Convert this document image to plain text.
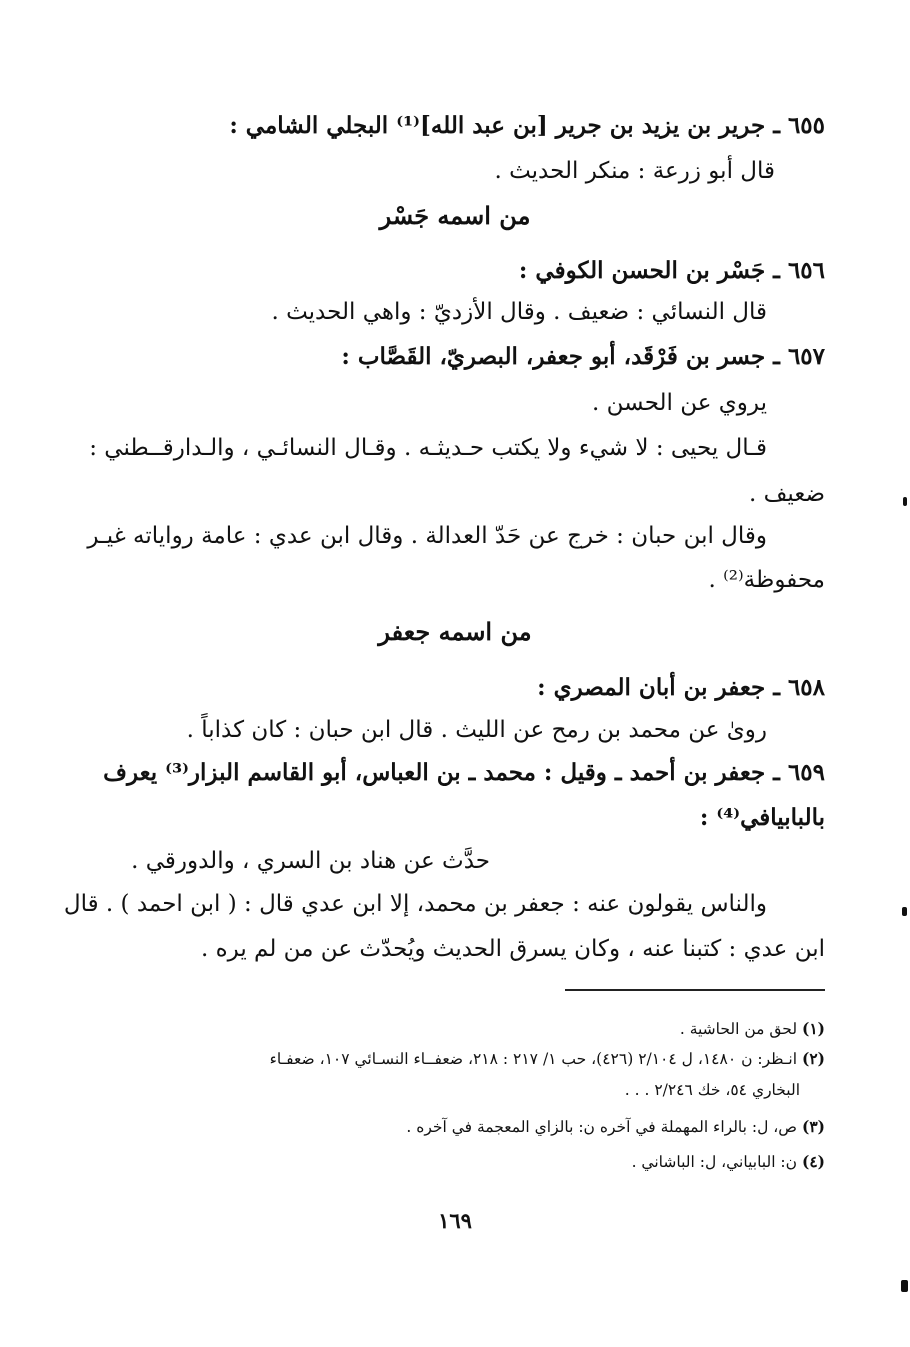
٦٥٥ ـ جرير بن يزيد بن جرير [بن عبد الله]⁽¹⁾ البجلي الشامي :
قال أبو زرعة : منكر الحديث .
من اسمه جَسْر
٦٥٦ ـ جَسْر بن الحسن الكوفي :
قال النسائي : ضعيف . وقال الأزديّ : واهي الحديث .
٦٥٧ ـ جسر بن فَرْقَد، أبو جعفر، البصريّ، القَصَّاب :
يروي عن الحسن .
قـال يحيى : لا شيء ولا يكتب حـديثـه . وقـال النسائـي ، والـدارقــطني :
ضعيف .
وقال ابن حبان : خرج عن حَدّ العدالة . وقال ابن عدي : عامة رواياته غيـر
محفوظة⁽²⁾ .
من اسمه جعفر
٦٥٨ ـ جعفر بن أبان المصري :
روىٰ عن محمد بن رمح عن الليث . قال ابن حبان : كان كذاباً .
٦٥٩ ـ جعفر بن أحمد ـ وقيل : محمد ـ بن العباس، أبو القاسم البزار⁽³⁾ يعرف
بالبابيافي⁽⁴⁾ :
حدَّث عن هناد بن السري ، والدورقي .
والناس يقولون عنه : جعفر بن محمد، إلا ابن عدي قال : ( ابن احمد ) . قال
ابن عدي : كتبنا عنه ، وكان يسرق الحديث ويُحدّث عن من لم يره .
(١) لحق من الحاشية .
(٢) انـظر: ن ١٤٨٠، ل ٢/١٠٤ (٤٢٦)، حب ١/ ٢١٧ : ٢١٨، ضعفــاء النسـائي ١٠٧، ضعفـاء
البخاري ٥٤، خك ٢/٢٤٦ . . .
(٣) ص، ل: بالراء المهملة في آخره ن: بالزاي المعجمة في آخره .
(٤) ن: البابياني، ل: الباشاني .
١٦٩
